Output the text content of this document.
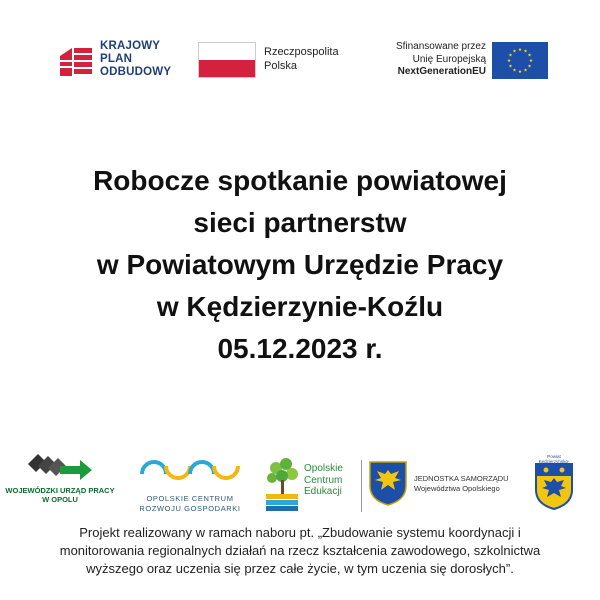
KRAJOWY
PLAN
ODBUDOWY
Rzeczpospolita
Polska
Sfinansowane przez
Unię Europejską
NextGenerationEU
Robocze spotkanie powiatowej
sieci partnerstw
w Powiatowym Urzędzie Pracy
w Kędzierzynie-Koźlu
05.12.2023 r.
WOJEWÓDZKI URZĄD PRACY
W OPOLU	OPOLSKIE CENTRUM
ROZWOJU GOSPODARKI
Opolskie
Centrum
Edukacji
JEDNOSTKA SAMORZĄDU
Województwa Opolskiego
Powiat Kędzierzyńsko-
Projekt realizowany w ramach naboru pt. „Zbudowanie systemu koordynacji i
monitorowania regionalnych działań na rzecz kształcenia zawodowego, szkolnictwa
wyższego oraz uczenia się przez całe życie, w tym uczenia się dorosłych”.
